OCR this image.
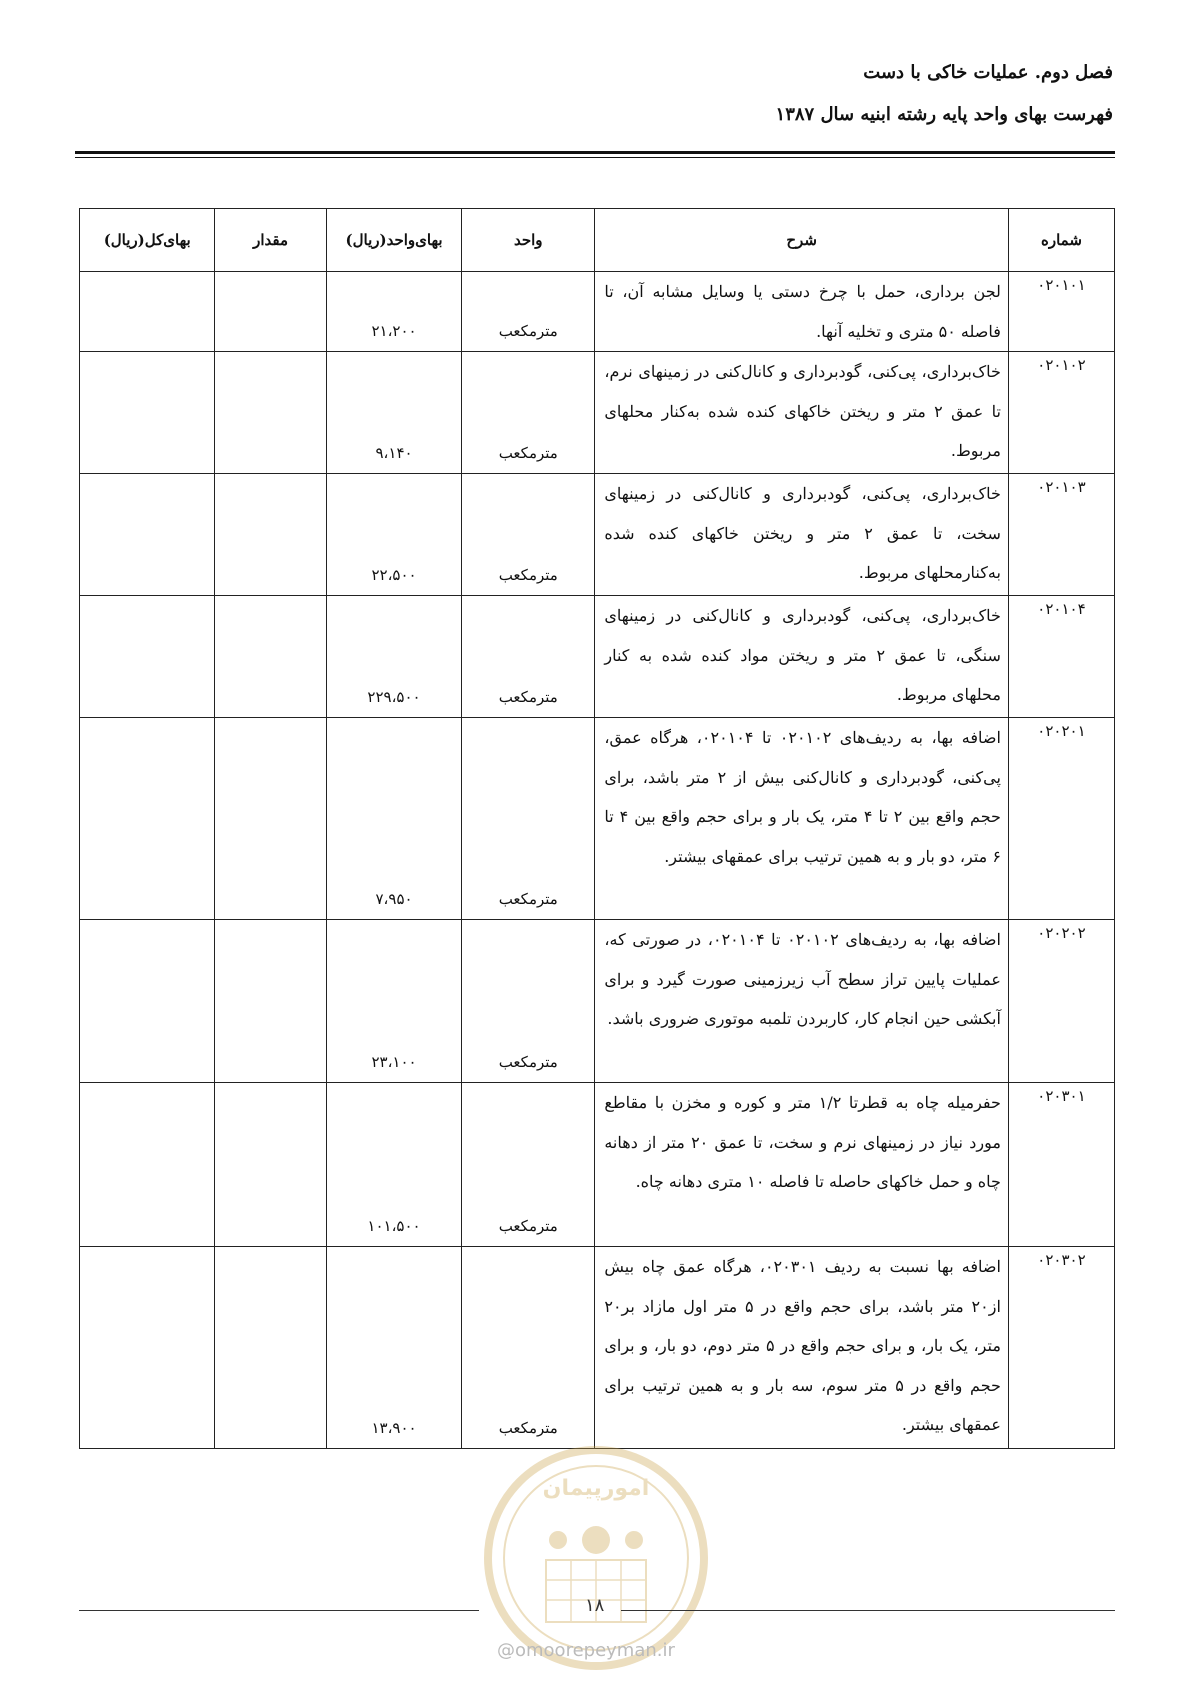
فصل دوم. عملیات خاکی با دست
فهرست بهای واحد پایه رشته ابنیه سال ۱۳۸۷
شماره	شرح	واحد	بهای‌واحد(ریال)	مقدار	بهای‌کل(ریال)
۰۲۰۱۰۱	لجن برداری، حمل با چرخ دستی یا وسایل مشابه آن، تا فاصله ۵۰ متری و تخلیه آنها.	مترمکعب	۲۱،۲۰۰		
۰۲۰۱۰۲	خاک‌برداری، پی‌کنی، گودبرداری و کانال‌کنی در زمینهای نرم، تا عمق ۲ متر و ریختن خاکهای کنده شده به‌کنار محلهای مربوط.	مترمکعب	۹،۱۴۰		
۰۲۰۱۰۳	خاک‌برداری، پی‌کنی، گودبرداری و کانال‌کنی در زمینهای سخت، تا عمق ۲ متر و ریختن خاکهای کنده شده به‌کنارمحلهای مربوط.	مترمکعب	۲۲،۵۰۰		
۰۲۰۱۰۴	خاک‌برداری، پی‌کنی، گودبرداری و کانال‌کنی در زمینهای سنگی، تا عمق ۲ متر و ریختن مواد کنده شده به کنار محلهای مربوط.	مترمکعب	۲۲۹،۵۰۰		
۰۲۰۲۰۱	اضافه بها، به ردیف‌های ۰۲۰۱۰۲ تا ۰۲۰۱۰۴، هرگاه عمق، پی‌کنی، گودبرداری و کانال‌کنی بیش از ۲ متر باشد، برای حجم واقع بین ۲ تا ۴ متر، یک بار و برای حجم واقع بین ۴ تا ۶ متر، دو بار و به همین ترتیب برای عمقهای بیشتر.	مترمکعب	۷،۹۵۰		
۰۲۰۲۰۲	اضافه بها، به ردیف‌های ۰۲۰۱۰۲ تا ۰۲۰۱۰۴، در صورتی که، عملیات پایین تراز سطح آب زیرزمینی صورت گیرد و برای آبکشی حین انجام کار، کاربردن تلمبه موتوری ضروری باشد.	مترمکعب	۲۳،۱۰۰		
۰۲۰۳۰۱	حفرمیله چاه به قطرتا ۱/۲ متر و کوره و مخزن با مقاطع مورد نیاز در زمینهای نرم و سخت، تا عمق ۲۰ متر از دهانه چاه و حمل خاکهای حاصله تا فاصله ۱۰ متری دهانه چاه.	مترمکعب	۱۰۱،۵۰۰		
۰۲۰۳۰۲	اضافه بها نسبت به ردیف ۰۲۰۳۰۱، هرگاه عمق چاه بیش از۲۰ متر باشد، برای حجم واقع در ۵ متر اول مازاد بر۲۰ متر، یک بار، و برای حجم واقع در ۵ متر دوم، دو بار، و برای حجم واقع در ۵ متر سوم، سه بار و به همین ترتیب برای عمقهای بیشتر.	مترمکعب	۱۳،۹۰۰		
امورپیمان
۱۸
@omoorepeyman.ir
